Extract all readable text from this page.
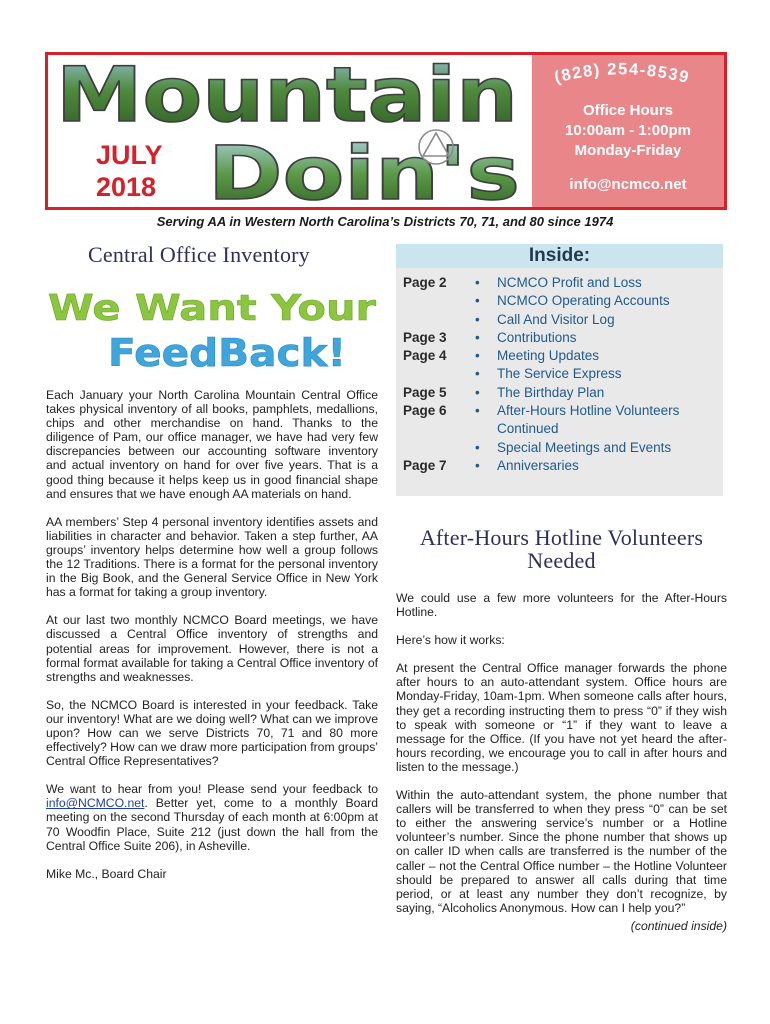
Mountain
Doin's
JULY
2018
(828) 254-8539
Office Hours
10:00am - 1:00pm
Monday-Friday
info@ncmco.net
Serving AA in Western North Carolina’s Districts 70, 71, and 80 since 1974
Central Office Inventory
We Want Your
FeedBack!

Each January your North Carolina Mountain Central Office takes physical inventory of all books, pamphlets, medallions, chips and other merchandise on hand. Thanks to the diligence of Pam, our office manager, we have had very few discrepancies between our accounting software inventory and actual inventory on hand for over five years. That is a good thing because it helps keep us in good financial shape and ensures that we have enough AA materials on hand.

AA members’ Step 4 personal inventory identifies assets and liabilities in character and behavior. Taken a step further, AA groups’ inventory helps determine how well a group follows the 12 Traditions. There is a format for the personal inventory in the Big Book, and the General Service Office in New York has a format for taking a group inventory.

At our last two monthly NCMCO Board meetings, we have discussed a Central Office inventory of strengths and potential areas for improvement. However, there is not a formal format available for taking a Central Office inventory of strengths and weaknesses.

So, the NCMCO Board is interested in your feedback. Take our inventory! What are we doing well? What can we improve upon? How can we serve Districts 70, 71 and 80 more effectively? How can we draw more participation from groups’ Central Office Representatives?

We want to hear from you! Please send your feedback to info@NCMCO.net. Better yet, come to a monthly Board meeting on the second Thursday of each month at 6:00pm at 70 Woodfin Place, Suite 212 (just down the hall from the Central Office Suite 206), in Asheville.

Mike Mc., Board Chair

Inside:
Page 2 • NCMCO Profit and Loss
• NCMCO Operating Accounts
• Call And Visitor Log
Page 3 • Contributions
Page 4 • Meeting Updates
• The Service Express
Page 5 • The Birthday Plan
Page 6 • After-Hours Hotline Volunteers
Continued
• Special Meetings and Events
Page 7 • Anniversaries
After-Hours Hotline Volunteers
Needed

We could use a few more volunteers for the After-Hours Hotline.

Here’s how it works:

At present the Central Office manager forwards the phone after hours to an auto-attendant system. Office hours are Monday-Friday, 10am-1pm. When someone calls after hours, they get a recording instructing them to press “0” if they wish to speak with someone or “1” if they want to leave a message for the Office. (If you have not yet heard the after-hours recording, we encourage you to call in after hours and listen to the message.)

Within the auto-attendant system, the phone number that callers will be transferred to when they press “0” can be set to either the answering service’s number or a Hotline volunteer’s number. Since the phone number that shows up on caller ID when calls are transferred is the number of the caller – not the Central Office number – the Hotline Volunteer should be prepared to answer all calls during that time period, or at least any number they don’t recognize, by saying, “Alcoholics Anonymous. How can I help you?”

(continued inside)
